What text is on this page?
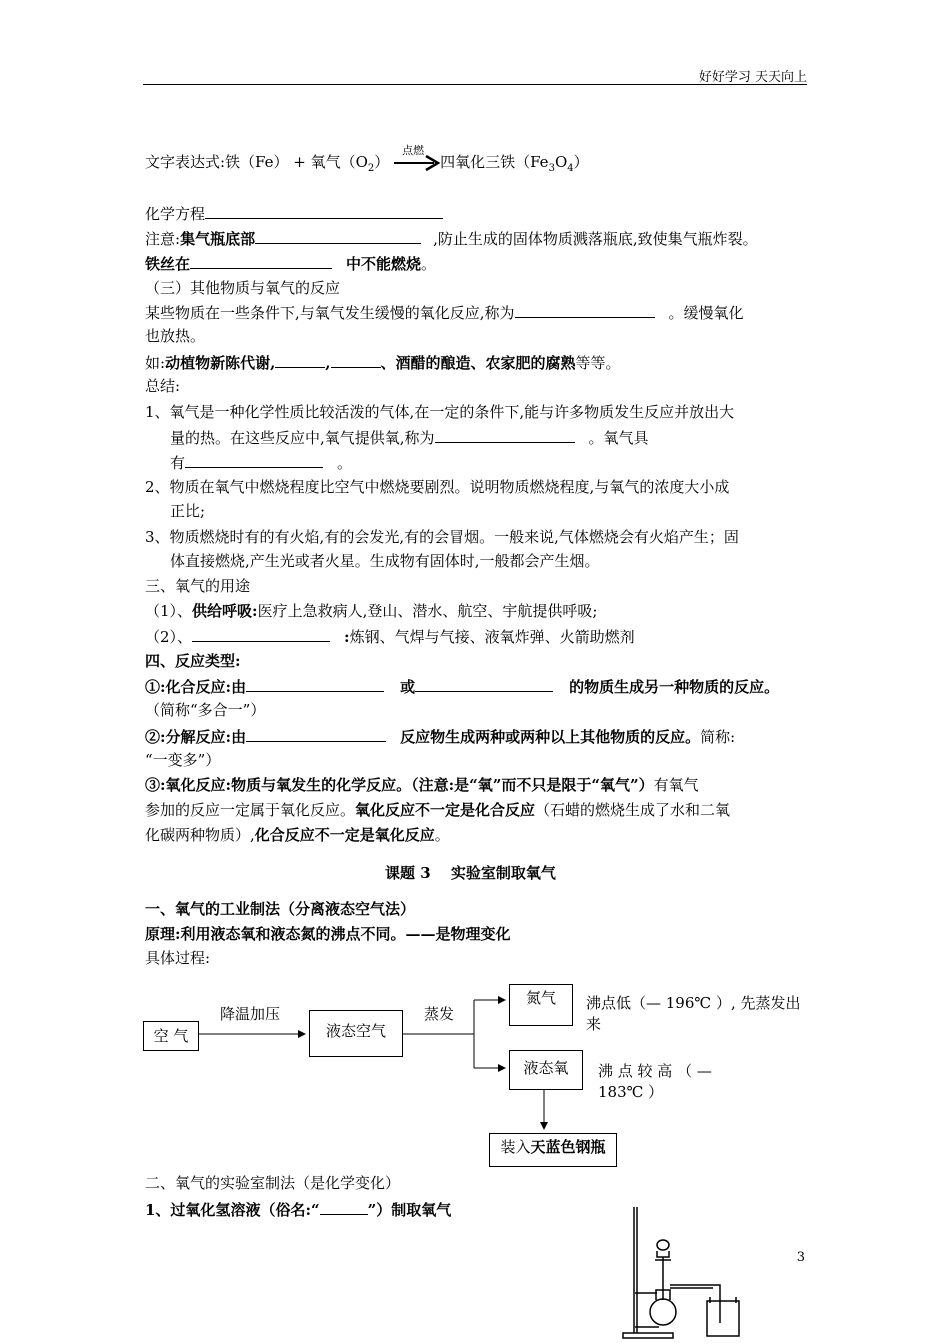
好好学习 天天向上
文字表达式:铁（Fe） + 氧气$(O_2)$
点燃
四氧化三铁$(Fe_3O_4)$
化学方程
注意:集气瓶底部	,防止生成的固体物质溅落瓶底,致使集气瓶炸裂。
铁丝在	中不能燃烧。
（三）其他物质与氧气的反应
某些物质在一些条件下,与氧气发生缓慢的氧化反应,称为	。缓慢氧化
也放热。
如:动植物新陈代谢,	,	、酒醋的酿造、农家肥的腐熟等等。
总结:
1、氧气是一种化学性质比较活泼的气体,在一定的条件下,能与许多物质发生反应并放出大
量的热。在这些反应中,氧气提供氧,称为	。氧气具
有	。
2、物质在氧气中燃烧程度比空气中燃烧要剧烈。说明物质燃烧程度,与氧气的浓度大小成
正比;
3、物质燃烧时有的有火焰,有的会发光,有的会冒烟。一般来说,气体燃烧会有火焰产生；固
体直接燃烧,产生光或者火星。生成物有固体时,一般都会产生烟。
三、氧气的用途
（1）、供给呼吸:医疗上急救病人,登山、潜水、航空、宇航提供呼吸;
（2）、	:炼钢、气焊与气接、液氧炸弹、火箭助燃剂
四、反应类型:
①:化合反应:由	或	的物质生成另一种物质的反应。
（简称“多合一”）
②:分解反应:由	反应物生成两种或两种以上其他物质的反应。简称:
“一变多”）
③:氧化反应:物质与氧发生的化学反应。（注意:是“氧”而不只是限于“氧气”）有氧气
参加的反应一定属于氧化反应。氧化反应不一定是化合反应（石蜡的燃烧生成了水和二氧
化碳两种物质）,化合反应不一定是氧化反应。
课题 3　 实验室制取氧气
一、氧气的工业制法（分离液态空气法）
原理:利用液态氧和液态氮的沸点不同。——是物理变化
具体过程:
空 气
降温加压
液态空气
蒸发
氮气	沸点低（— 196℃ ）, 先蒸发出
来
液态氧	沸 点 较 高 （ —
183℃ ）
装入天蓝色钢瓶
二、氧气的实验室制法（是化学变化）
1、过氧化氢溶液（俗名:“	”）制取氧气
3
